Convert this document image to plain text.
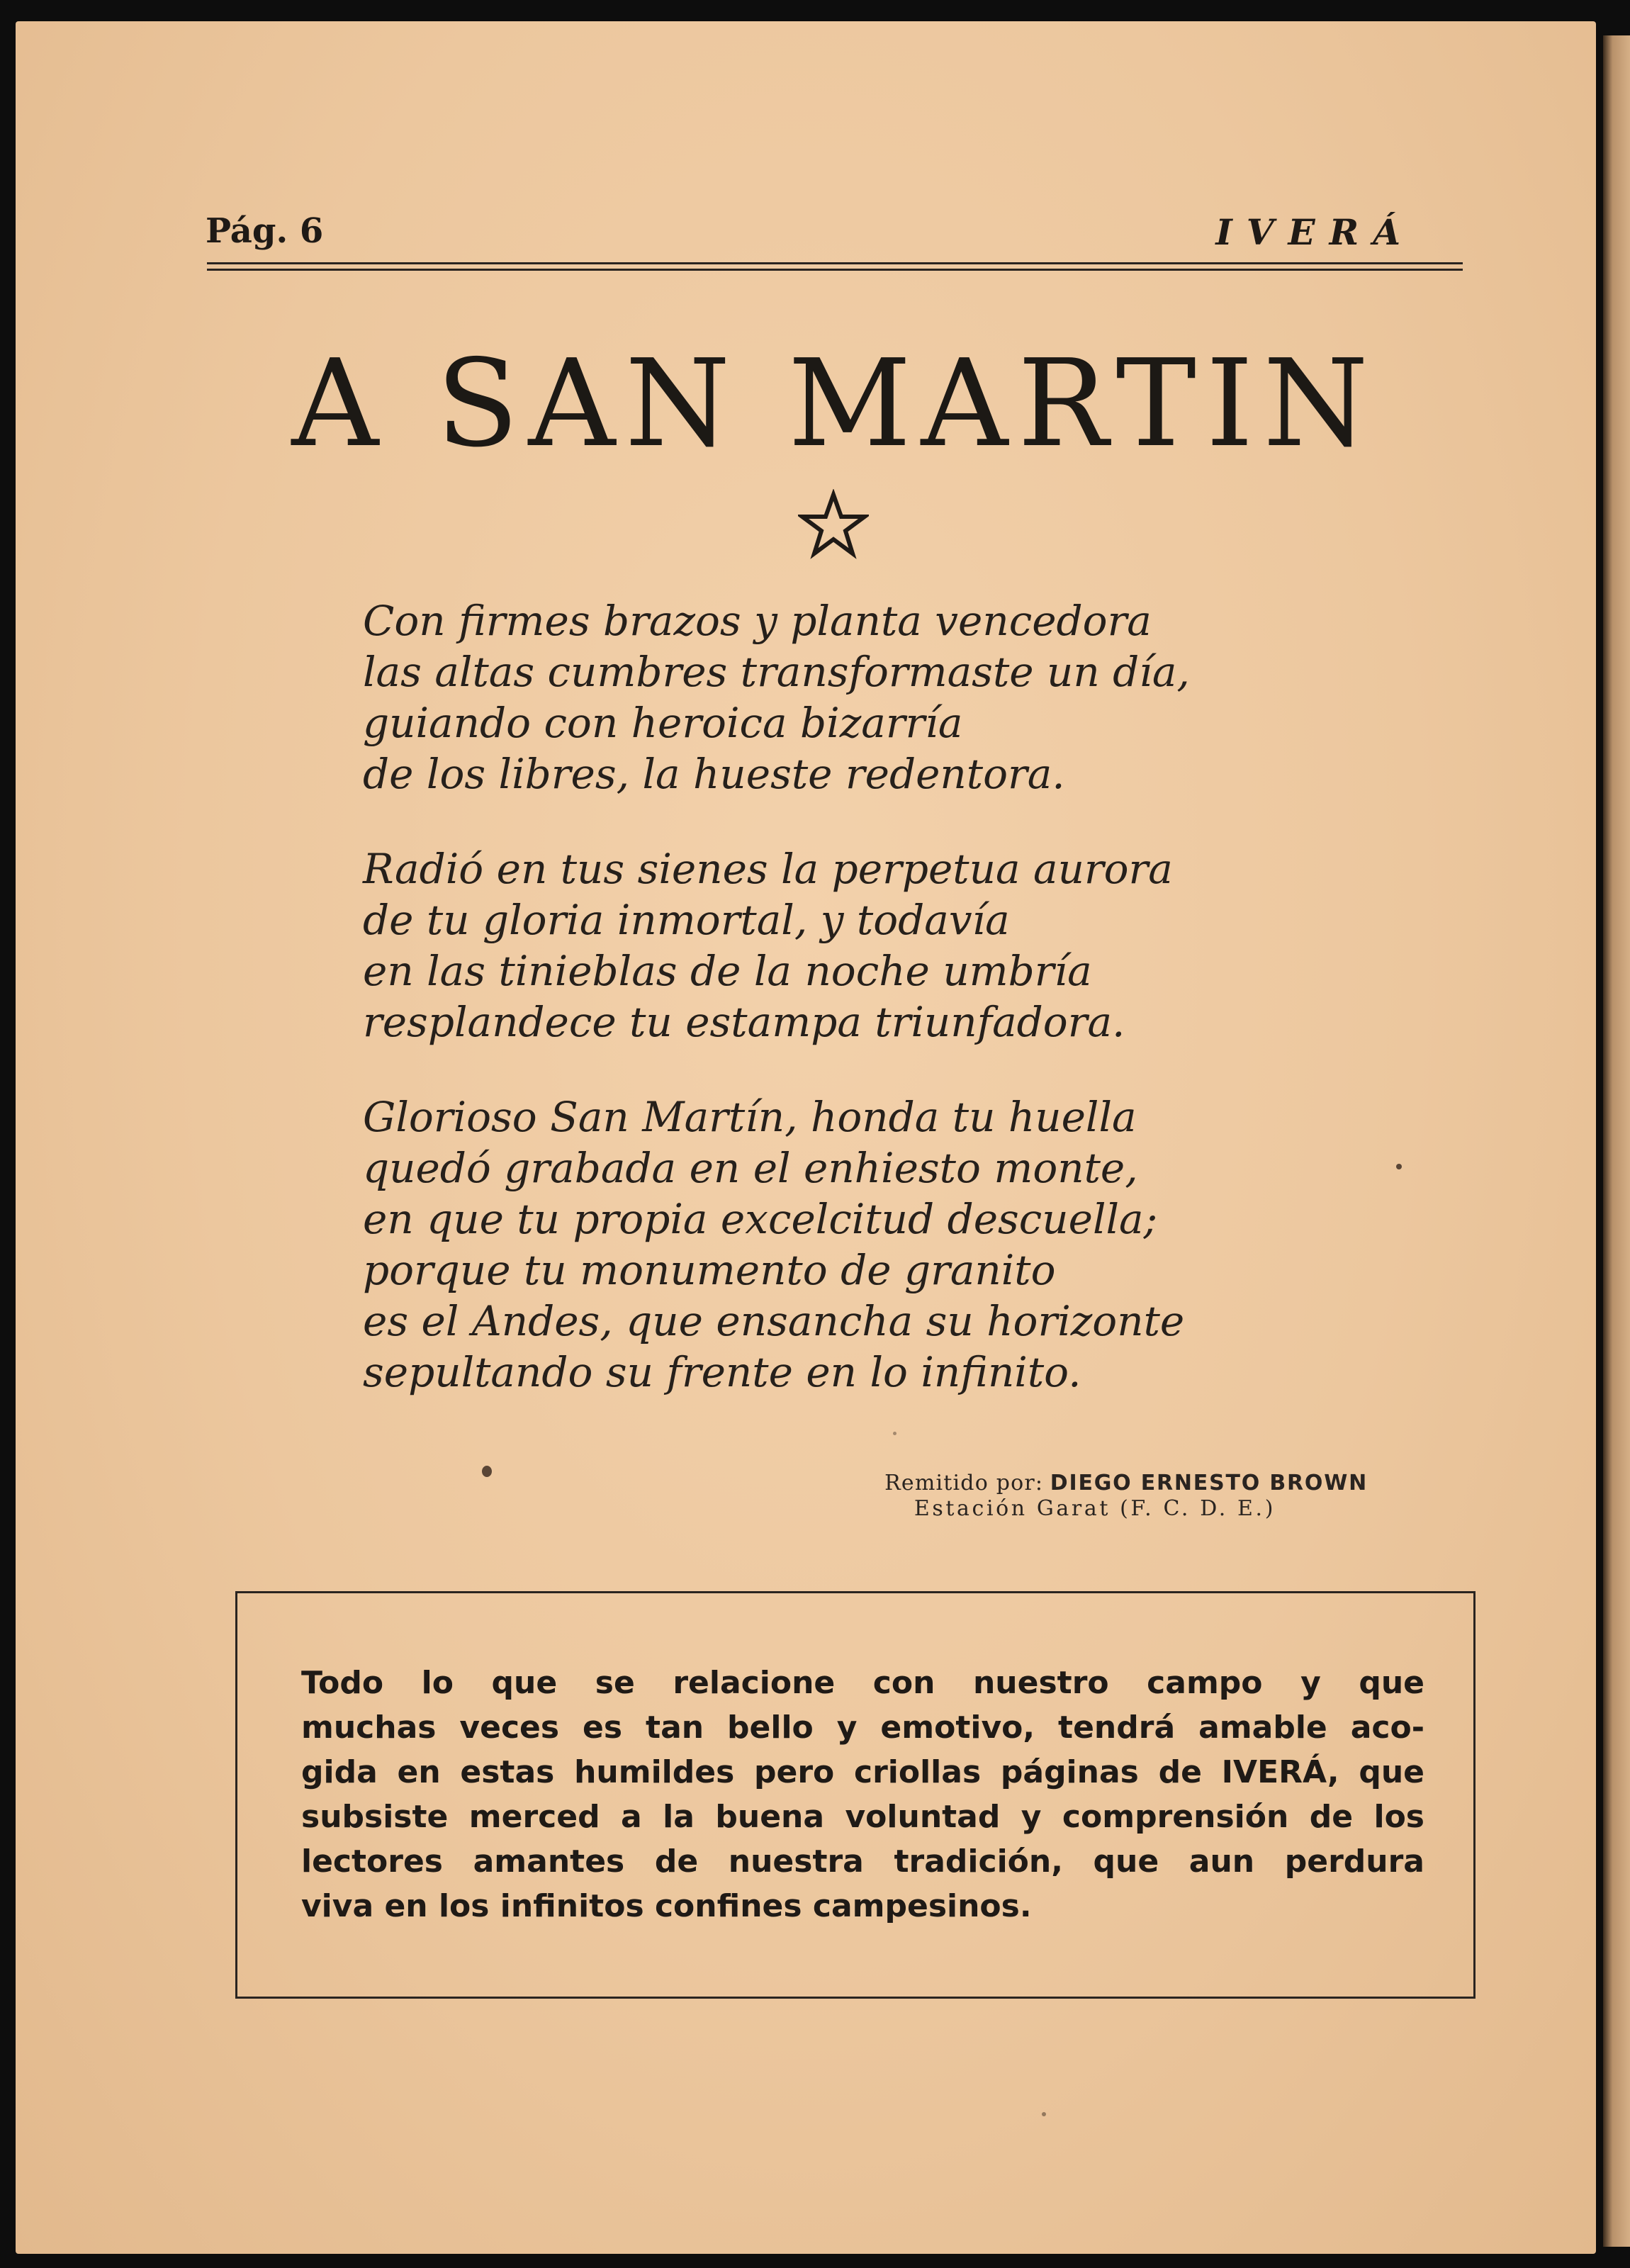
Pág. 6	IVERÁ

A SAN MARTIN

Con firmes brazos y planta vencedora
las altas cumbres transformaste un día,
guiando con heroica bizarría
de los libres, la hueste redentora.

Radió en tus sienes la perpetua aurora
de tu gloria inmortal, y todavía
en las tinieblas de la noche umbría
resplandece tu estampa triunfadora.

Glorioso San Martín, honda tu huella
quedó grabada en el enhiesto monte,
en que tu propia excelcitud descuella;
porque tu monumento de granito
es el Andes, que ensancha su horizonte
sepultando su frente en lo infinito.

Remitido por: DIEGO ERNESTO BROWN
Estación Garat (F. C. D. E.)

Todo lo que se relacione con nuestro campo y que
muchas veces es tan bello y emotivo, tendrá amable aco-
gida en estas humildes pero criollas páginas de IVERÁ, que
subsiste merced a la buena voluntad y comprensión de los
lectores amantes de nuestra tradición, que aun perdura
viva en los infinitos confines campesinos.
